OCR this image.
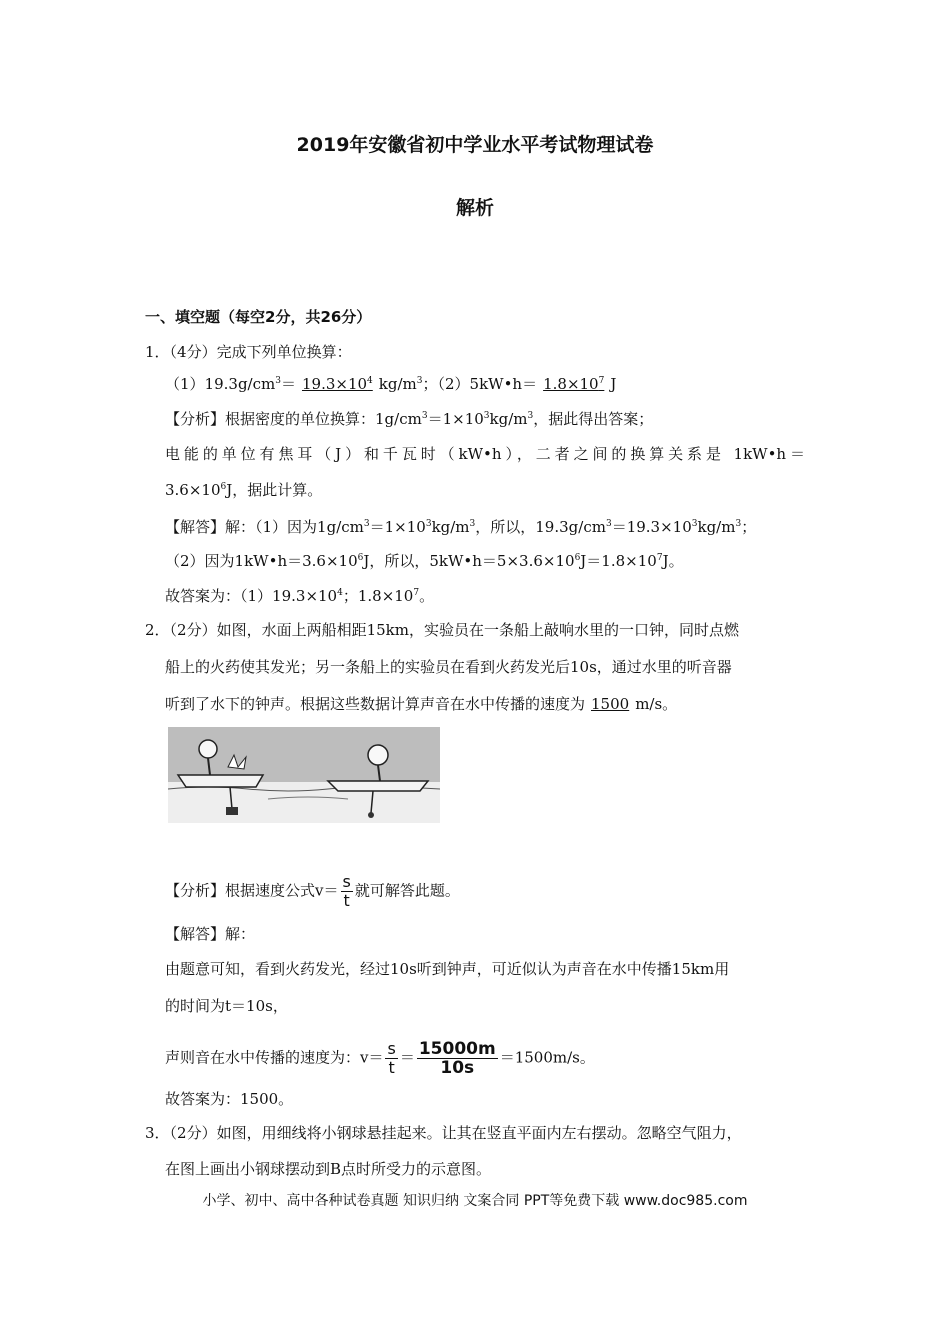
2019年安徽省初中学业水平考试物理试卷
解析
一、填空题（每空2分，共26分）
1．（4分）完成下列单位换算：
$(1)19.3g/cm^3= 19.3\times 10^4$ $kg/m^3$；（2）5kW•h＝ $1.8\times 10^7$ J
【分析】根据密度的单位换算：$1g/cm^3=1\times 10^3kg/m^3$，据此得出答案；
电能的单位有焦耳（J）和千瓦时（kW•h），二者之间的换算关系是 1kW•h＝
$3.6\times 10^6J$，据此计算。
【解答】解：（1）因为$1g/cm^3=1\times 10^3kg/m^3$，所以，$19.3g/cm^3=19.3\times 10^3kg/m^3$；
（2）因为$1kW•h=3.6\times 10^6J$，所以，$5kW•h=5\times 3.6\times 10^6J=1.8\times 10^7J$。
故答案为：$(1)19.3\times 10^4$；$1.8\times 10^7$。
2．（2分）如图，水面上两船相距15km，实验员在一条船上敲响水里的一口钟，同时点燃
船上的火药使其发光；另一条船上的实验员在看到火药发光后10s，通过水里的听音器
听到了水下的钟声。根据这些数据计算声音在水中传播的速度为 1500 m/s。
【分析】根据速度公式$v= \frac{s}{t}$ 就可解答此题。
【解答】解：
由题意可知，看到火药发光，经过10s听到钟声，可近似认为声音在水中传播15km用
的时间为t＝10s，
声则音在水中传播的速度为：$v= \frac{s}{t} = \frac{15000m}{10s} =1500m/s$。
故答案为：1500。
3．（2分）如图，用细线将小钢球悬挂起来。让其在竖直平面内左右摆动。忽略空气阻力，
在图上画出小钢球摆动到B点时所受力的示意图。
小学、初中、高中各种试卷真题 知识归纳 文案合同 PPT等免费下载 www.doc985.com
